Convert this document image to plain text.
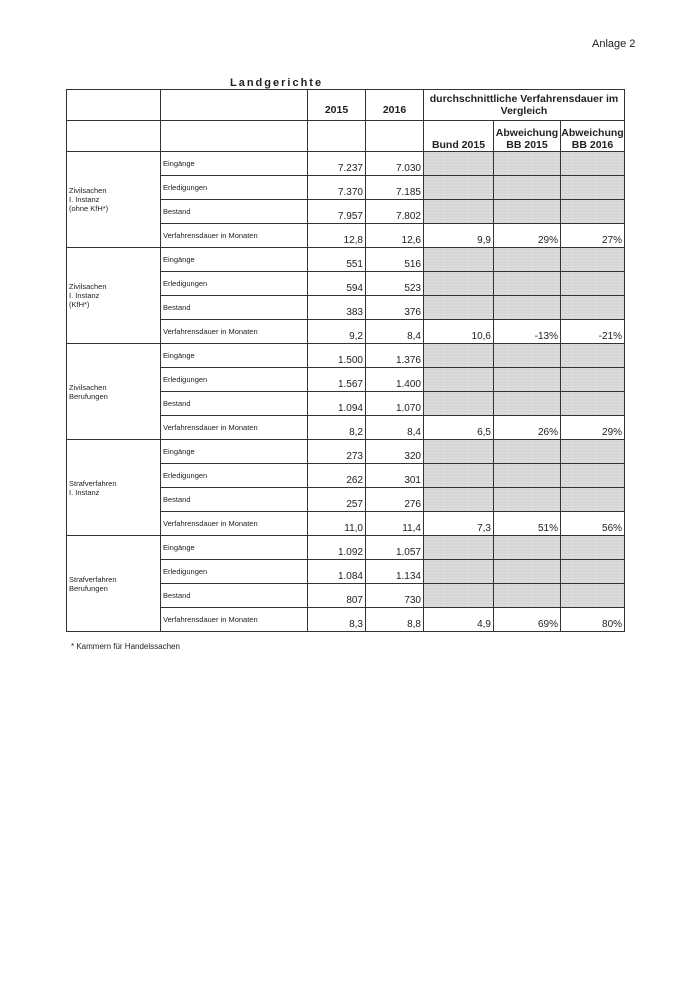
Anlage 2
Landgerichte
		2015	2016	durchschnittliche Verfahrensdauer im Vergleich		
				Bund 2015	Abweichung BB 2015	Abweichung BB 2016
Zivilsachen
I. Instanz
(ohne KfH*)	Eingänge	7.237	7.030			
	Erledigungen	7.370	7.185			
	Bestand	7.957	7.802			
	Verfahrensdauer in Monaten	12,8	12,6	9,9	29%	27%
Zivilsachen
I. Instanz
(KfH*)	Eingänge	551	516			
	Erledigungen	594	523			
	Bestand	383	376			
	Verfahrensdauer in Monaten	9,2	8,4	10,6	-13%	-21%
Zivilsachen
Berufungen	Eingänge	1.500	1.376			
	Erledigungen	1.567	1.400			
	Bestand	1.094	1.070			
	Verfahrensdauer in Monaten	8,2	8,4	6,5	26%	29%
Strafverfahren
I. Instanz	Eingänge	273	320			
	Erledigungen	262	301			
	Bestand	257	276			
	Verfahrensdauer in Monaten	11,0	11,4	7,3	51%	56%
Strafverfahren
Berufungen	Eingänge	1.092	1.057			
	Erledigungen	1.084	1.134			
	Bestand	807	730			
	Verfahrensdauer in Monaten	8,3	8,8	4,9	69%	80%
* Kammern für Handelssachen
